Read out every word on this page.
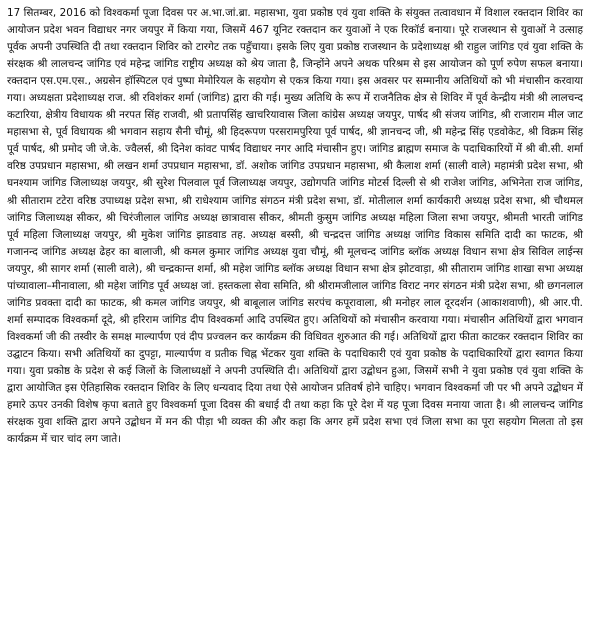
17 सितम्बर, 2016 को विश्वकर्मा पूजा दिवस पर अ.भा.जां.ब्रा. महासभा, युवा प्रकोष्ठ एवं युवा शक्ति के संयुक्त तत्वावधान में विशाल रक्तदान शिविर का आयोजन प्रदेश भवन विद्याधर नगर जयपुर में किया गया, जिसमें 467 यूनिट रक्तदान कर युवाओं ने एक रिकॉर्ड बनाया। पूरे राजस्थान से युवाओं ने उत्साह पूर्वक अपनी उपस्थिति दी तथा रक्तदान शिविर को टारगेट तक पहुँचाया। इसके लिए युवा प्रकोष्ठ राजस्थान के प्रदेशाध्यक्ष श्री राहुल जांगिड एवं युवा शक्ति के संरक्षक श्री लालचन्द जांगिड एवं महेन्द्र जांगिड राष्ट्रीय अध्यक्ष को श्रेय जाता है, जिन्होंने अपने अथक परिश्रम से इस आयोजन को पूर्ण रुपेण सफल बनाया। रक्तदान एस.एम.एस., अग्रसेन हॉस्पिटल एवं पुष्पा मेमोरियल के सहयोग से एकत्र किया गया। इस अवसर पर सम्मानीय अतिथियों को भी मंचासीन करवाया गया। अध्यक्षता प्रदेशाध्यक्ष राज. श्री रविशंकर शर्मा (जांगिड) द्वारा की गई। मुख्य अतिथि के रूप में राजनैतिक क्षेत्र से शिविर में पूर्व केन्द्रीय मंत्री श्री लालचन्द कटारिया, क्षेत्रीय विधायक श्री नरपत सिंह राजवी, श्री प्रतापसिंह खाचरियावास जिला कांग्रेस अध्यक्ष जयपुर, पार्षद श्री संजय जांगिड, श्री राजाराम मील जाट महासभा से, पूर्व विधायक श्री भगवान सहाय सैनी चौमूं, श्री हिदरूपण परसरामपुरिया पूर्व पार्षद, श्री ज्ञानचन्द जी, श्री महेन्द्र सिंह एडवोकेट, श्री विक्रम सिंह पूर्व पार्षद, श्री प्रमोद जी जे.के. ज्वैलर्स, श्री दिनेश कांवट पार्षद विद्याधर नगर आदि मंचासीन हुए। जांगिड ब्राह्मण समाज के पदाधिकारियों में श्री बी.सी. शर्मा वरिष्ठ उपप्रधान महासभा, श्री लखन शर्मा उपप्रधान महासभा, डॉ. अशोक जांगिड उपप्रधान महासभा, श्री कैलाश शर्मा (साली वाले) महामंत्री प्रदेश सभा, श्री घनश्याम जांगिड जिलाध्यक्ष जयपुर, श्री सुरेश पिलवाल पूर्व जिलाध्यक्ष जयपुर, उद्योगपति जांगिड मोटर्स दिल्ली से श्री राजेश जांगिड, अभिनेता राज जांगिड, श्री सीताराम टटेरा वरिष्ठ उपाध्यक्ष प्रदेश सभा, श्री राधेश्याम जांगिड संगठन मंत्री प्रदेश सभा, डॉ. मोतीलाल शर्मा कार्यकारी अध्यक्ष प्रदेश सभा, श्री चौथमल जांगिड जिलाध्यक्ष सीकर, श्री चिरंजीलाल जांगिड अध्यक्ष छात्रावास सीकर, श्रीमती कुसुम जांगिड अध्यक्ष महिला जिला सभा जयपुर, श्रीमती भारती जांगिड पूर्व महिला जिलाध्यक्ष जयपुर, श्री मुकेश जांगिड झाडवाड तह. अध्यक्ष बस्सी, श्री चन्द्रदत्त जांगिड अध्यक्ष जांगिड विकास समिति दादी का फाटक, श्री गजानन्द जांगिड अध्यक्ष ढेहर का बालाजी, श्री कमल कुमार जांगिड अध्यक्ष युवा चौमूं, श्री मूलचन्द जांगिड ब्लॉक अध्यक्ष विधान सभा क्षेत्र सिविल लाईन्स जयपुर, श्री सागर शर्मा (साली वाले), श्री चन्द्रकान्त शर्मा, श्री महेश जांगिड ब्लॉक अध्यक्ष विधान सभा क्षेत्र झोटवाड़ा, श्री सीताराम जांगिड शाखा सभा अध्यक्ष पांच्यावाला–मीनावाला, श्री महेश जांगिड पूर्व अध्यक्ष जां. हस्तकला सेवा समिति, श्री श्रीरामजीलाल जांगिड विराट नगर संगठन मंत्री प्रदेश सभा, श्री छगनलाल जांगिड प्रवक्ता दादी का फाटक, श्री कमल जांगिड जयपुर, श्री बाबूलाल जांगिड सरपंच कपूरावाला, श्री मनोहर लाल दूरदर्शन (आकाशवाणी), श्री आर.पी. शर्मा सम्पादक विश्वकर्मा दूदे, श्री हरिराम जांगिड दीप विश्वकर्मा आदि उपस्थित हुए। अतिथियों को मंचासीन करवाया गया। मंचासीन अतिथियों द्वारा भगवान विश्वकर्मा जी की तस्वीर के समक्ष माल्यार्पण एवं दीप प्रज्वलन कर कार्यक्रम की विधिवत शुरुआत की गई। अतिथियों द्वारा फीता काटकर रक्तदान शिविर का उद्घाटन किया। सभी अतिथियों का दुपट्टा, माल्यार्पण व प्रतीक चिह्न भेंटकर युवा शक्ति के पदाधिकारी एवं युवा प्रकोष्ठ के पदाधिकारियों द्वारा स्वागत किया गया। युवा प्रकोष्ठ के प्रदेश से कई जिलों के जिलाध्यक्षों ने अपनी उपस्थिति दी। अतिथियों द्वारा उद्बोधन हुआ, जिसमें सभी ने युवा प्रकोष्ठ एवं युवा शक्ति के द्वारा आयोजित इस ऐतिहासिक रक्तदान शिविर के लिए धन्यवाद दिया तथा ऐसे आयोजन प्रतिवर्ष होने चाहिए। भगवान विश्वकर्मा जी पर भी अपने उद्बोधन में हमारे ऊपर उनकी विशेष कृपा बताते हुए विश्वकर्मा पूजा दिवस की बधाई दी तथा कहा कि पूरे देश में यह पूजा दिवस मनाया जाता है। श्री लालचन्द जांगिड संरक्षक युवा शक्ति द्वारा अपने उद्बोधन में मन की पीड़ा भी व्यक्त की और कहा कि अगर हमें प्रदेश सभा एवं जिला सभा का पूरा सहयोग मिलता तो इस कार्यक्रम में चार चांद लग जाते।
